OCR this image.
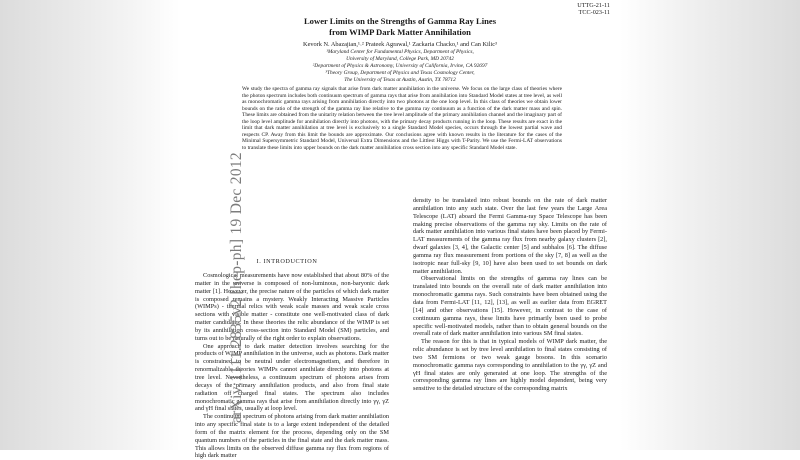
UTTG-21-11
TCC-023-11
Lower Limits on the Strengths of Gamma Ray Lines
from WIMP Dark Matter Annihilation
Kevork N. Abazajian,¹˒² Prateek Agrawal,¹ Zackaria Chacko,¹ and Can Kilic³
¹Maryland Center for Fundamental Physics, Department of Physics,
University of Maryland, College Park, MD 20742
²Department of Physics & Astronomy, University of California, Irvine, CA 92697
³Theory Group, Department of Physics and Texas Cosmology Center,
The University of Texas at Austin, Austin, TX 78712
We study the spectra of gamma ray signals that arise from dark matter annihilation in the universe. We focus on the large class of theories where the photon spectrum includes both continuum spectrum of gamma rays that arise from annihilation into Standard Model states at tree level, as well as monochromatic gamma rays arising from annihilation directly into two photons at the one loop level. In this class of theories we obtain lower bounds on the ratio of the strength of the gamma ray line relative to the gamma ray continuum as a function of the dark matter mass and spin. These limits are obtained from the unitarity relation between the tree level amplitude of the primary annihilation channel and the imaginary part of the loop level amplitude for annihilation directly into photons, with the primary decay products running in the loop. These results are exact in the limit that dark matter annihilation at tree level is exclusively to a single Standard Model species, occurs through the lowest partial wave and respects CP. Away from this limit the bounds are approximate. Our conclusions agree with known results in the literature for the cases of the Minimal Supersymmetric Standard Model, Universal Extra Dimensions and the Littlest Higgs with T-Parity. We use the Fermi-LAT observations to translate these limits into upper bounds on the dark matter annihilation cross section into any specific Standard Model state.
I. INTRODUCTION

Cosmological measurements have now established that about 80% of the matter in the universe is composed of non-luminous, non-baryonic dark matter [1]. However, the precise nature of the particles of which dark matter is composed remains a mystery. Weakly Interacting Massive Particles (WIMPs) - thermal relics with weak scale masses and weak scale cross sections with visible matter - constitute one well-motivated class of dark matter candidates. In these theories the relic abundance of the WIMP is set by its annihilation cross-section into Standard Model (SM) particles, and turns out to be naturally of the right order to explain observations.

One approach to dark matter detection involves searching for the products of WIMP annihilation in the universe, such as photons. Dark matter is constrained to be neutral under electromagnetism, and therefore in renormalizable theories WIMPs cannot annihilate directly into photons at tree level. Nevertheless, a continuum spectrum of photons arises from decays of the primary annihilation products, and also from final state radiation off charged final states. The spectrum also includes monochromatic gamma rays that arise from annihilation directly into γγ, γZ and γH final states, usually at loop level.

The continuum spectrum of photons arising from dark matter annihilation into any specific final state is to a large extent independent of the detailed form of the matrix element for the process, depending only on the SM quantum numbers of the particles in the final state and the dark matter mass. This allows limits on the observed diffuse gamma ray flux from regions of high dark matter

density to be translated into robust bounds on the rate of dark matter annihilation into any such state. Over the last few years the Large Area Telescope (LAT) aboard the Fermi Gamma-ray Space Telescope has been making precise observations of the gamma ray sky. Limits on the rate of dark matter annihilation into various final states have been placed by Fermi-LAT measurements of the gamma ray flux from nearby galaxy clusters [2], dwarf galaxies [3, 4], the Galactic center [5] and subhalos [6]. The diffuse gamma ray flux measurement from portions of the sky [7, 8] as well as the isotropic near full-sky [9, 10] have also been used to set bounds on dark matter annihilation.

Observational limits on the strengths of gamma ray lines can be translated into bounds on the overall rate of dark matter annihilation into monochromatic gamma rays. Such constraints have been obtained using the data from Fermi-LAT [11, 12], [13], as well as earlier data from EGRET [14] and other observations [15]. However, in contrast to the case of continuum gamma rays, these limits have primarily been used to probe specific well-motivated models, rather than to obtain general bounds on the overall rate of dark matter annihilation into various SM final states.

The reason for this is that in typical models of WIMP dark matter, the relic abundance is set by tree level annihilation to final states consisting of two SM fermions or two weak gauge bosons. In this scenario monochromatic gamma rays corresponding to annihilation to the γγ, γZ and γH final states are only generated at one loop. The strengths of the corresponding gamma ray lines are highly model dependent, being very sensitive to the detailed structure of the corresponding matrix

arXiv:1111.2835v2 [hep-ph] 19 Dec 2012
